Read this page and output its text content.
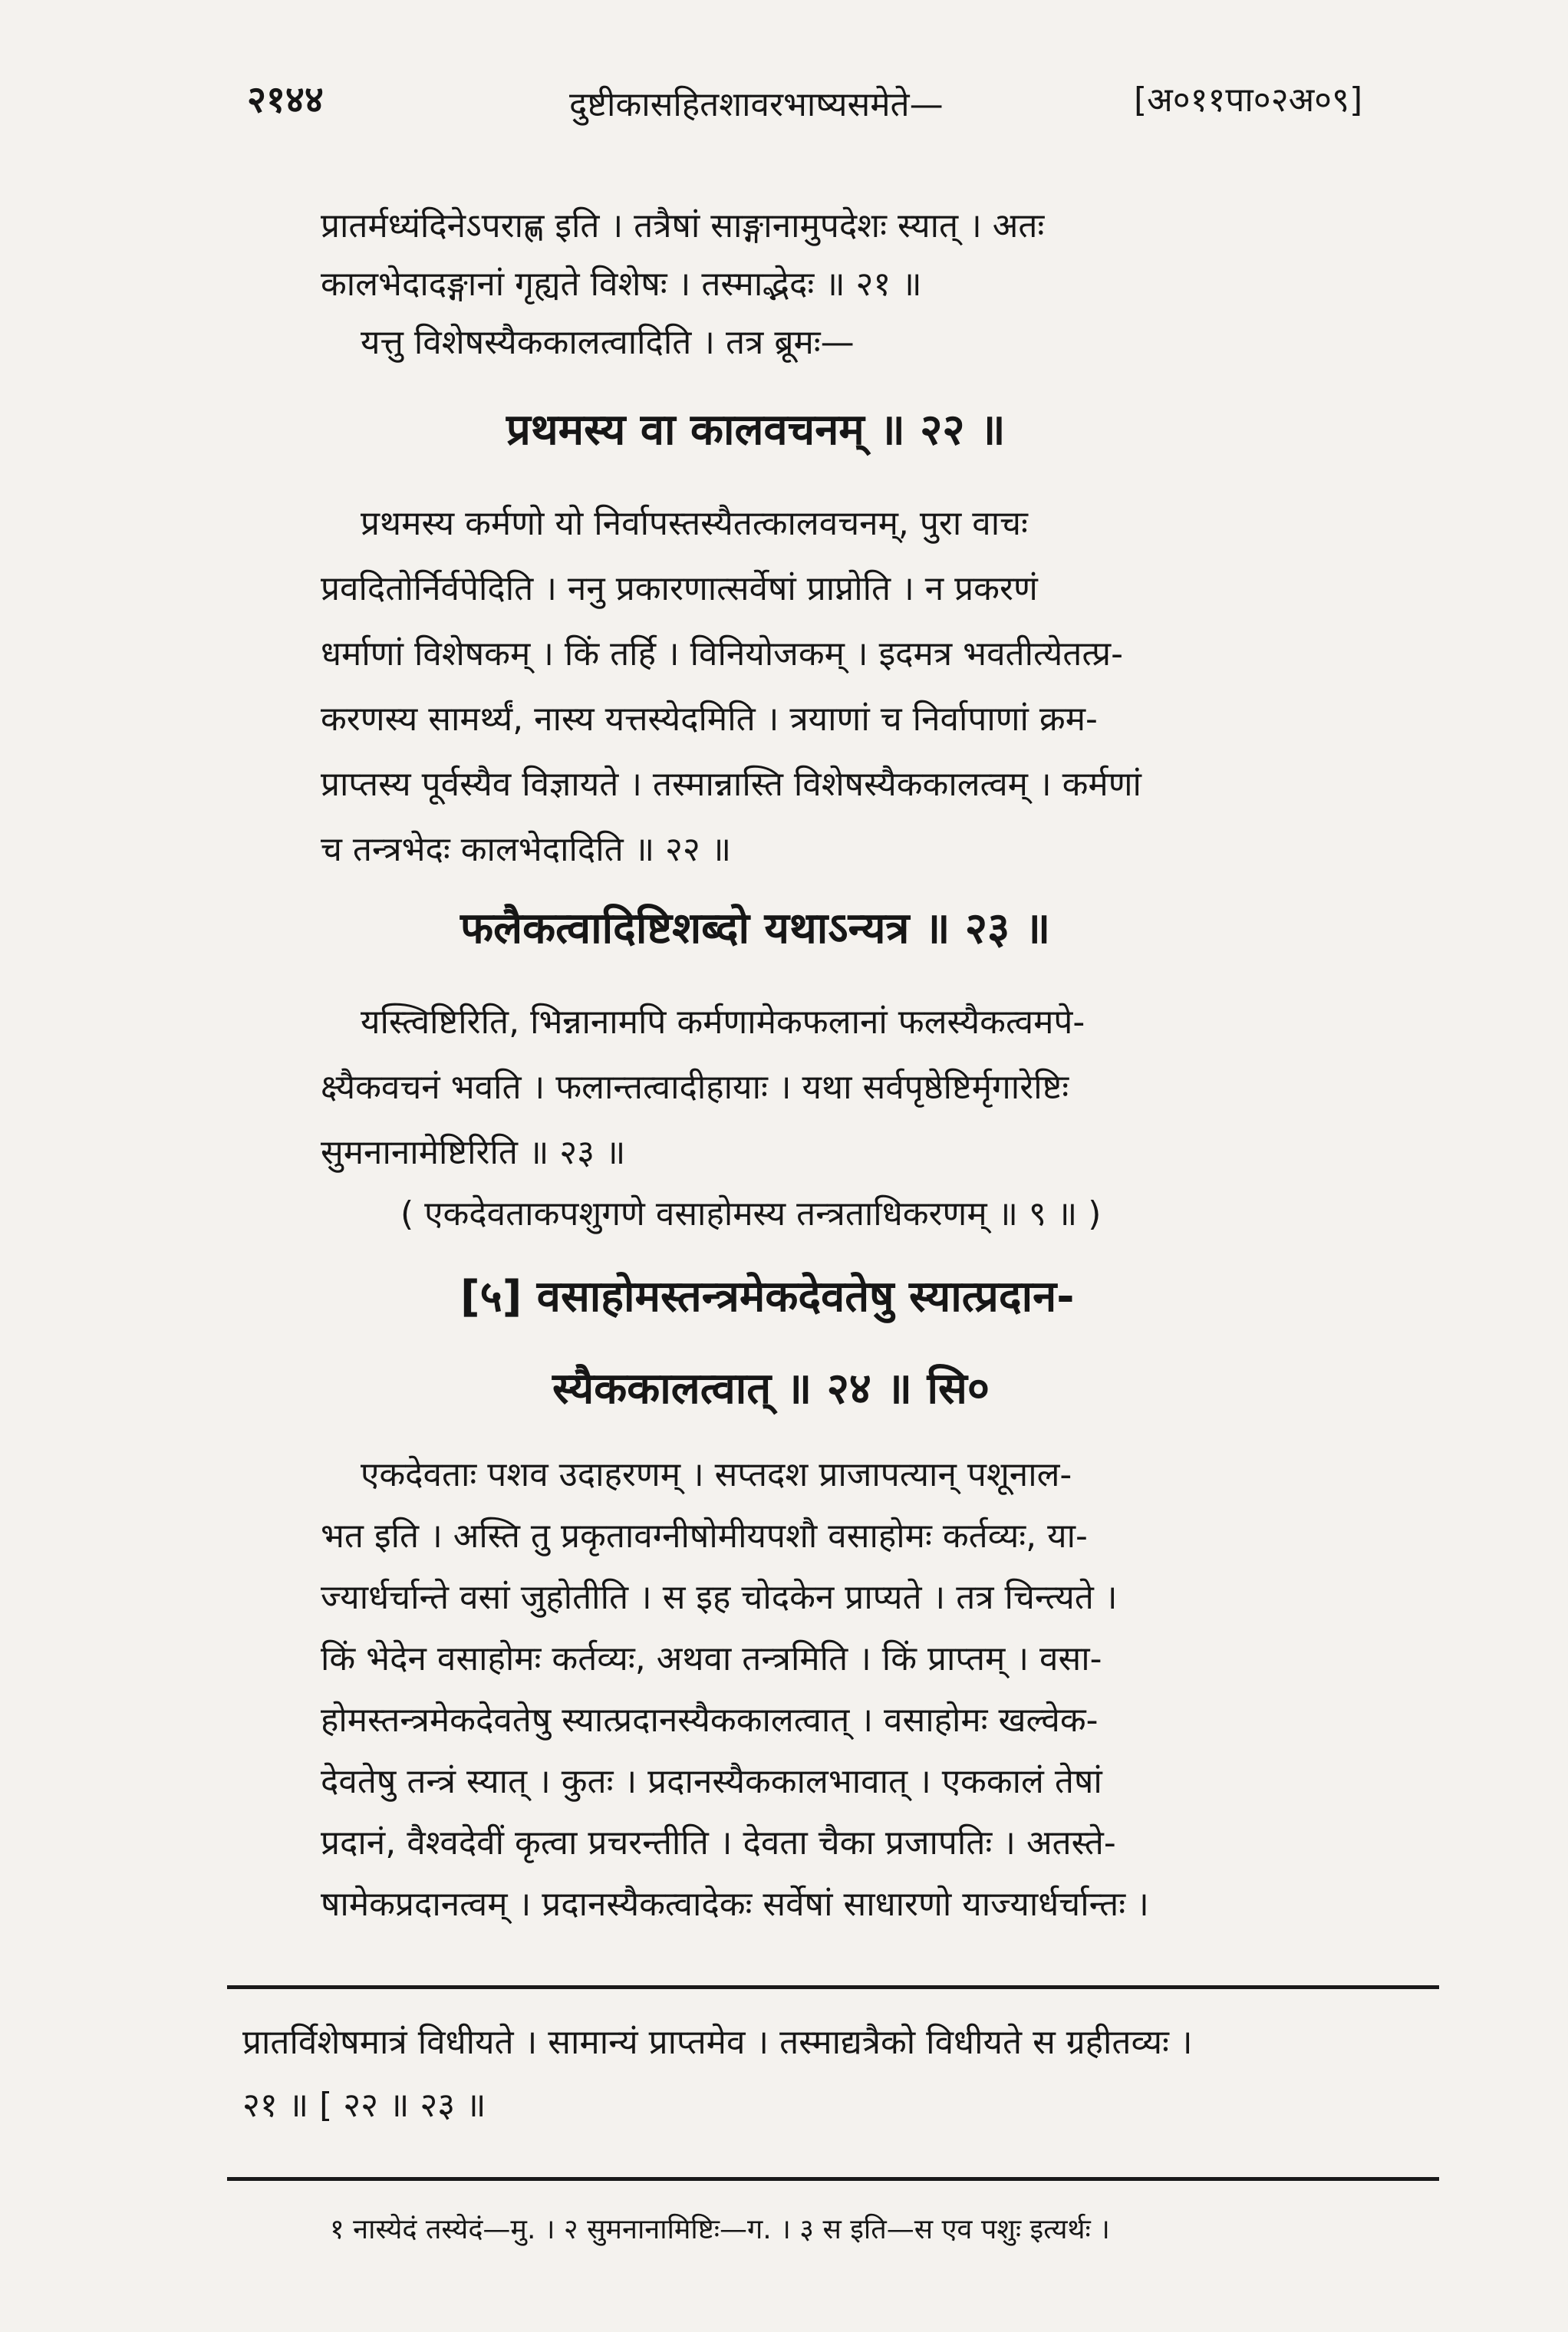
२१४४	दुष्टीकासहितशावरभाष्यसमेते—	[अ०११पा०२अ०९]
प्रातर्मध्यंदिनेऽपराह्ण इति । तत्रैषां साङ्गानामुपदेशः स्यात् । अतः
कालभेदादङ्गानां गृह्यते विशेषः । तस्माद्भेदः ॥ २१ ॥
यत्तु विशेषस्यैककालत्वादिति । तत्र ब्रूमः—
प्रथमस्य वा कालवचनम् ॥ २२ ॥
प्रथमस्य कर्मणो यो निर्वापस्तस्यैतत्कालवचनम्, पुरा वाचः
प्रवदितोर्निर्वपेदिति । ननु प्रकारणात्सर्वेषां प्राप्नोति । न प्रकरणं
धर्माणां विशेषकम् । किं तर्हि । विनियोजकम् । इदमत्र भवतीत्येतत्प्र-
करणस्य सामर्थ्यं, नास्य यत्तस्येदमिति । त्रयाणां च निर्वापाणां क्रम-
प्राप्तस्य पूर्वस्यैव विज्ञायते । तस्मान्नास्ति विशेषस्यैककालत्वम् । कर्मणां
च तन्त्रभेदः कालभेदादिति ॥ २२ ॥
फलैकत्वादिष्टिशब्दो यथाऽन्यत्र ॥ २३ ॥
यस्त्विष्टिरिति, भिन्नानामपि कर्मणामेकफलानां फलस्यैकत्वमपे-
क्ष्यैकवचनं भवति । फलान्तत्वादीहायाः । यथा सर्वपृष्ठेष्टिर्मृगारेष्टिः
सुमनानामेष्टिरिति ॥ २३ ॥
( एकदेवताकपशुगणे वसाहोमस्य तन्त्रताधिकरणम् ॥ ९ ॥ )
[५] वसाहोमस्तन्त्रमेकदेवतेषु स्यात्प्रदान-
स्यैककालत्वात् ॥ २४ ॥ सि०
एकदेवताः पशव उदाहरणम् । सप्तदश प्राजापत्यान् पशूनाल-
भत इति । अस्ति तु प्रकृतावग्नीषोमीयपशौ वसाहोमः कर्तव्यः, या-
ज्यार्धर्चान्ते वसां जुहोतीति । स इह चोदकेन प्राप्यते । तत्र चिन्त्यते ।
किं भेदेन वसाहोमः कर्तव्यः, अथवा तन्त्रमिति । किं प्राप्तम् । वसा-
होमस्तन्त्रमेकदेवतेषु स्यात्प्रदानस्यैककालत्वात् । वसाहोमः खल्वेक-
देवतेषु तन्त्रं स्यात् । कुतः । प्रदानस्यैककालभावात् । एककालं तेषां
प्रदानं, वैश्वदेवीं कृत्वा प्रचरन्तीति । देवता चैका प्रजापतिः । अतस्ते-
षामेकप्रदानत्वम् । प्रदानस्यैकत्वादेकः सर्वेषां साधारणो याज्यार्धर्चान्तः ।
प्रातर्विशेषमात्रं विधीयते । सामान्यं प्राप्तमेव । तस्माद्यत्रैको विधीयते स ग्रहीतव्यः ।
२१ ॥ [ २२ ॥ २३ ॥
१ नास्येदं तस्येदं—मु. । २ सुमनानामिष्टिः—ग. । ३ स इति—स एव पशुः इत्यर्थः ।
